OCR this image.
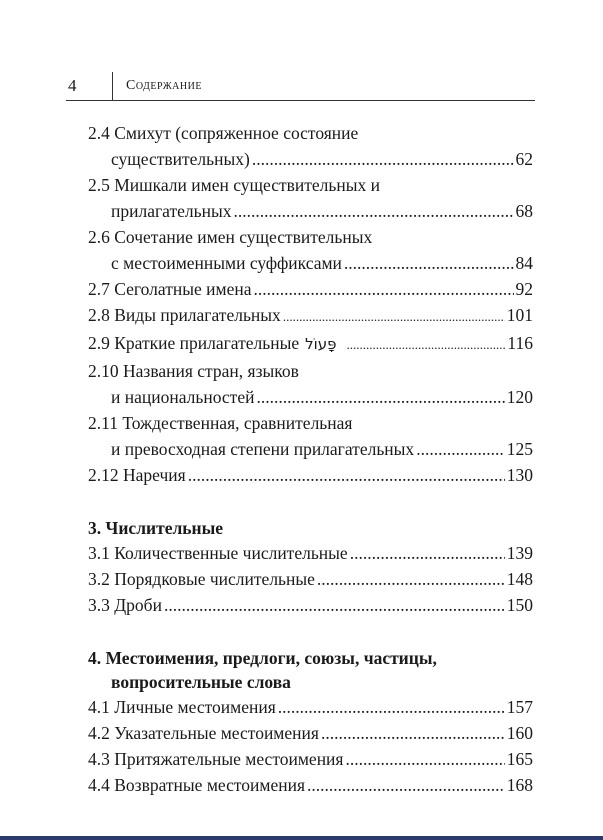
4	Содержание
2.4 Смихут (сопряженное состояние
существительных) .....	62
2.5 Мишкали имен существительных и
прилагательных .....	68
2.6 Сочетание имен существительных
с местоименными суффиксами .....	84
2.7 Сеголатные имена .....	92
2.8 Виды прилагательных .....	101
2.9 Краткие прилагательные פָּעוֹל .....	116
2.10 Названия стран, языков
и национальностей .....	120
2.11 Тождественная, сравнительная
и превосходная степени прилагательных .....	125
2.12 Наречия .....	130
3. Числительные
3.1 Количественные числительные .....	139
3.2 Порядковые числительные .....	148
3.3 Дроби .....	150
4. Местоимения, предлоги, союзы, частицы,
вопросительные слова
4.1 Личные местоимения .....	157
4.2 Указательные местоимения .....	160
4.3 Притяжательные местоимения .....	165
4.4 Возвратные местоимения .....	168
